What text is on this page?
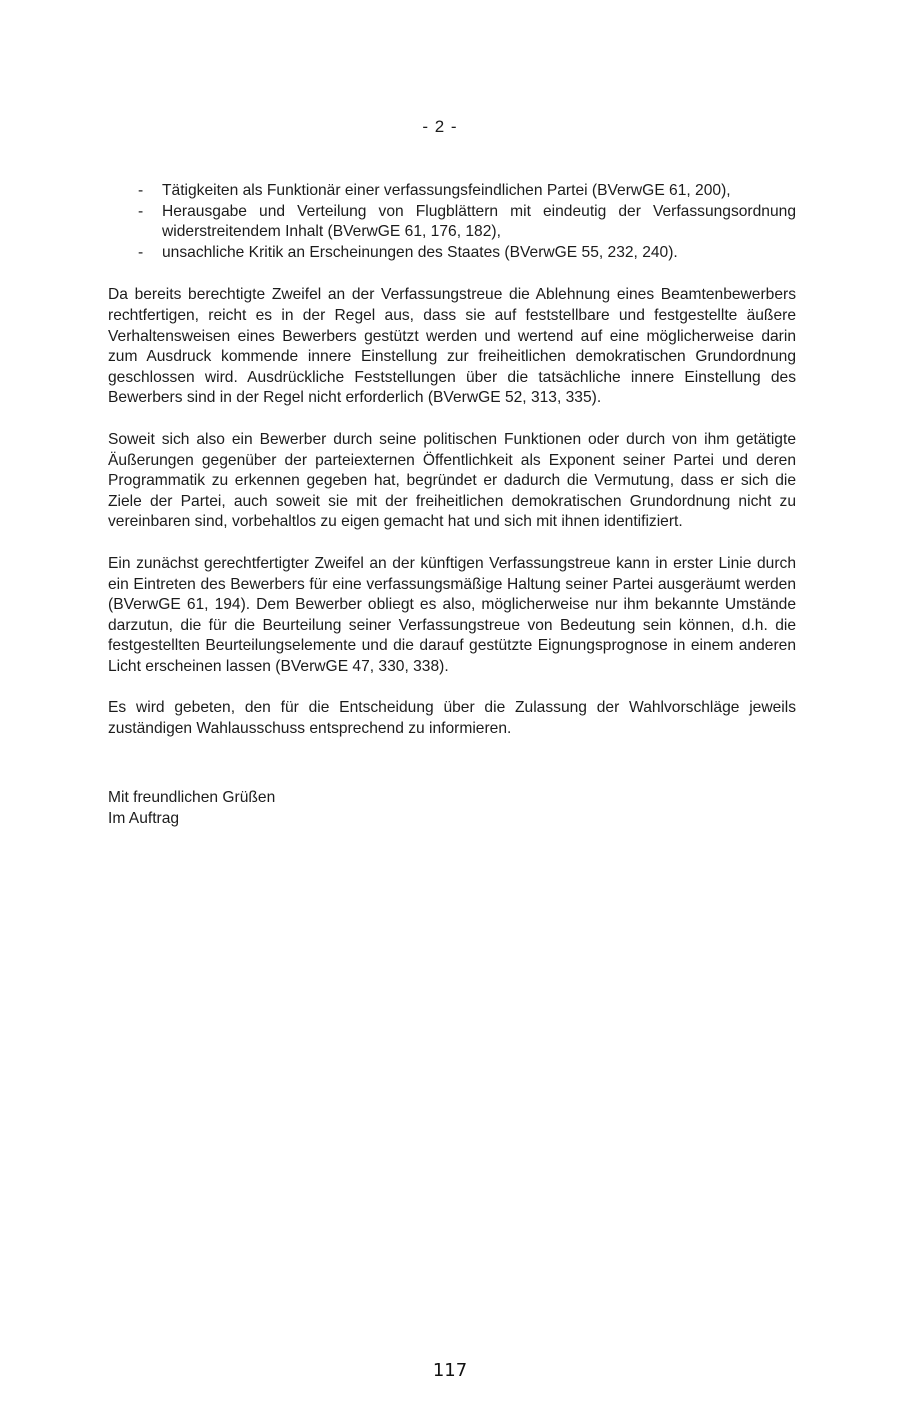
- 2 -
- Tätigkeiten als Funktionär einer verfassungsfeindlichen Partei (BVerwGE 61, 200),
- Herausgabe und Verteilung von Flugblättern mit eindeutig der Verfassungsordnung widerstreitendem Inhalt (BVerwGE 61, 176, 182),
- unsachliche Kritik an Erscheinungen des Staates (BVerwGE 55, 232, 240).

Da bereits berechtigte Zweifel an der Verfassungstreue die Ablehnung eines Beamtenbewerbers rechtfertigen, reicht es in der Regel aus, dass sie auf feststellbare und festgestellte äußere Verhaltensweisen eines Bewerbers gestützt werden und wertend auf eine möglicherweise darin zum Ausdruck kommende innere Einstellung zur freiheitlichen demokratischen Grundordnung geschlossen wird. Ausdrückliche Feststellungen über die tatsächliche innere Einstellung des Bewerbers sind in der Regel nicht erforderlich (BVerwGE 52, 313, 335).

Soweit sich also ein Bewerber durch seine politischen Funktionen oder durch von ihm getätigte Äußerungen gegenüber der parteiexternen Öffentlichkeit als Exponent seiner Partei und deren Programmatik zu erkennen gegeben hat, begründet er dadurch die Vermutung, dass er sich die Ziele der Partei, auch soweit sie mit der freiheitlichen demokratischen Grundordnung nicht zu vereinbaren sind, vorbehaltlos zu eigen gemacht hat und sich mit ihnen identifiziert.

Ein zunächst gerechtfertigter Zweifel an der künftigen Verfassungstreue kann in erster Linie durch ein Eintreten des Bewerbers für eine verfassungsmäßige Haltung seiner Partei ausgeräumt werden (BVerwGE 61, 194). Dem Bewerber obliegt es also, möglicherweise nur ihm bekannte Umstände darzutun, die für die Beurteilung seiner Verfassungstreue von Bedeutung sein können, d.h. die festgestellten Beurteilungselemente und die darauf gestützte Eignungsprognose in einem anderen Licht erscheinen lassen (BVerwGE 47, 330, 338).

Es wird gebeten, den für die Entscheidung über die Zulassung der Wahlvorschläge jeweils zuständigen Wahlausschuss entsprechend zu informieren.

Mit freundlichen Grüßen
Im Auftrag
117
